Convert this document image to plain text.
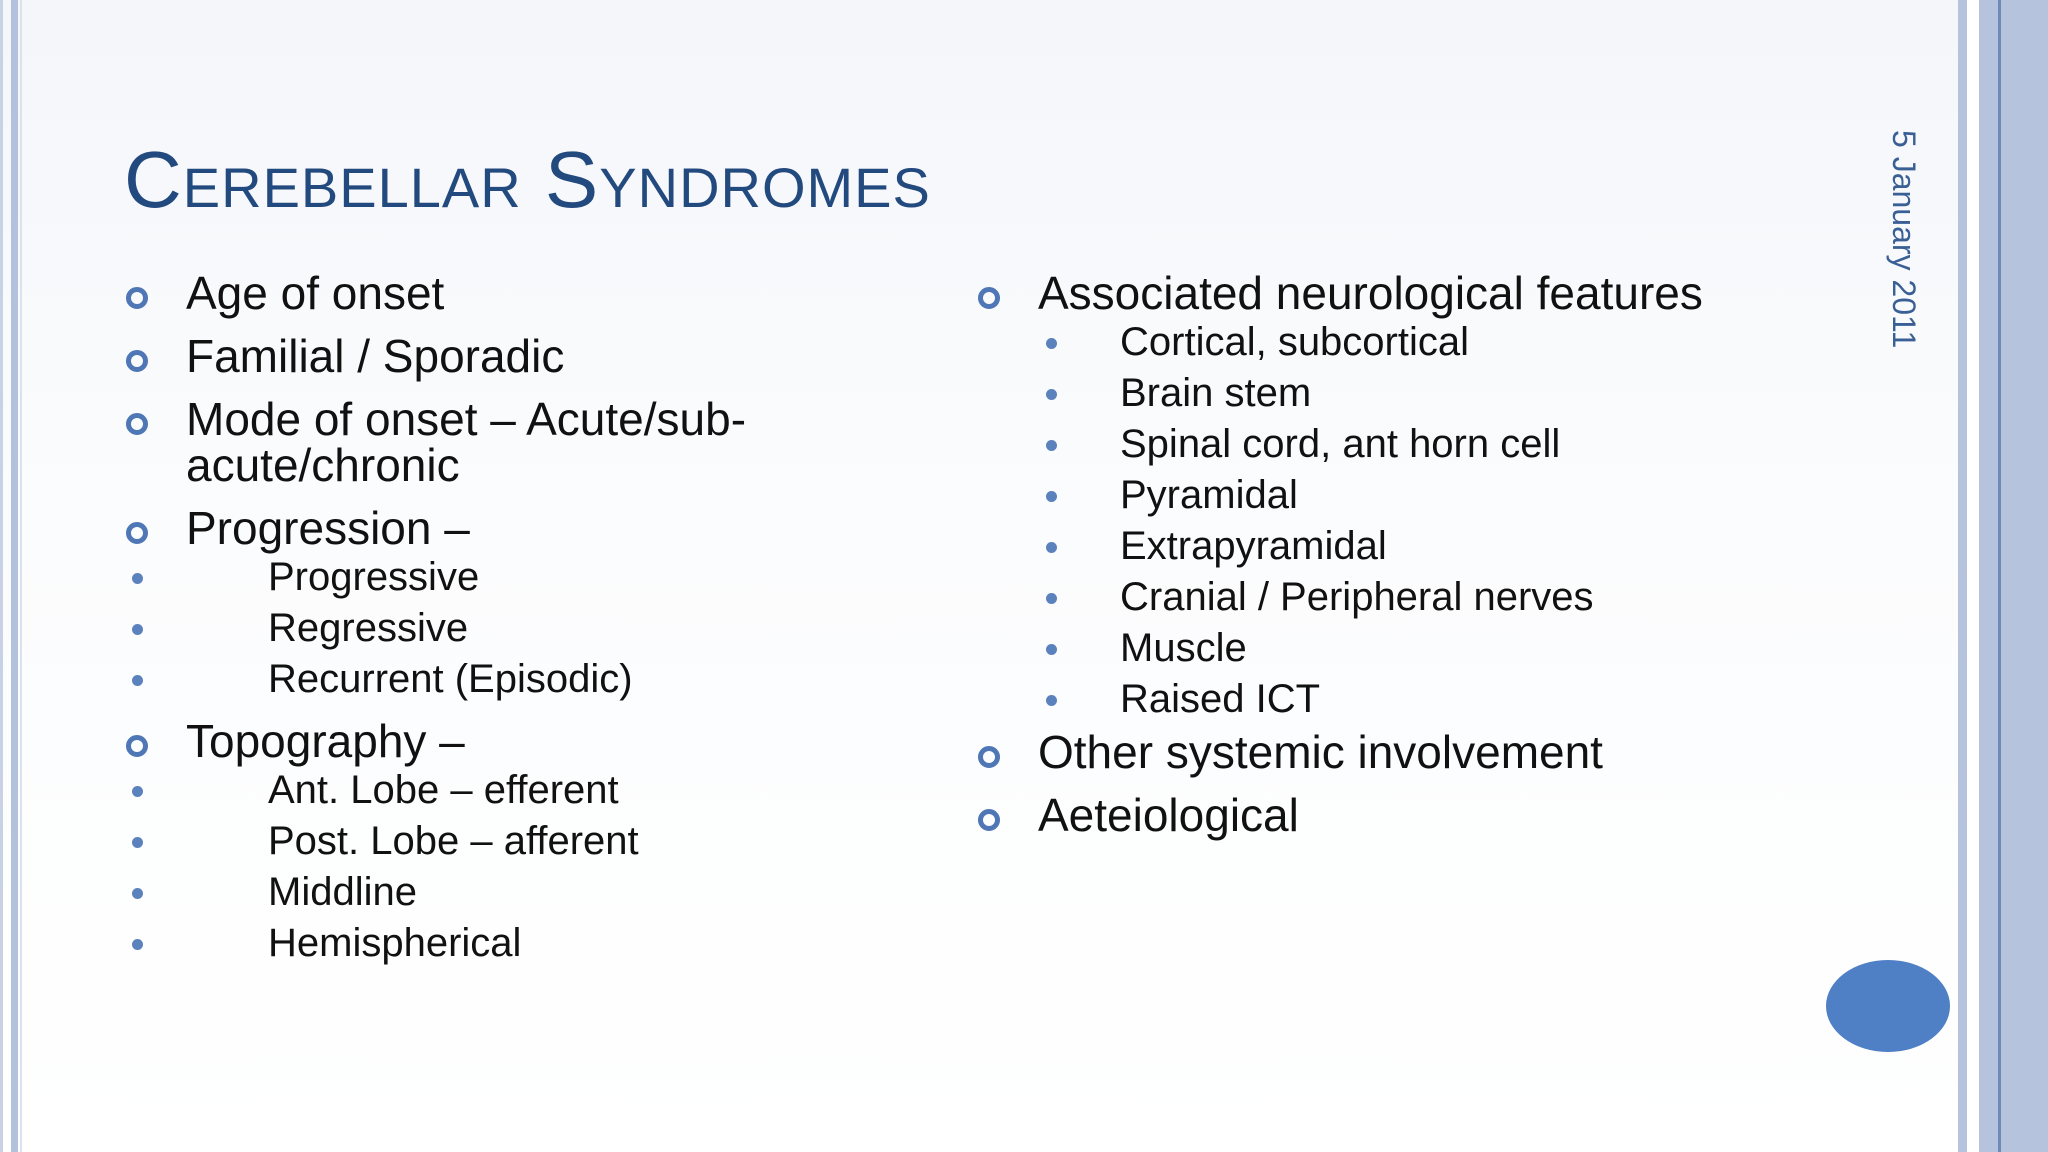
Cerebellar Syndromes	5 January 2011
Age of onset
Familial / Sporadic
Mode of onset – Acute/sub-acute/chronic
Progression –
Progressive
Regressive
Recurrent (Episodic)
Topography –
Ant. Lobe – efferent
Post. Lobe – afferent
Middline
Hemispherical
Associated neurological features
Cortical, subcortical
Brain stem
Spinal cord, ant horn cell
Pyramidal
Extrapyramidal
Cranial / Peripheral nerves
Muscle
Raised ICT
Other systemic involvement
Aeteiological
